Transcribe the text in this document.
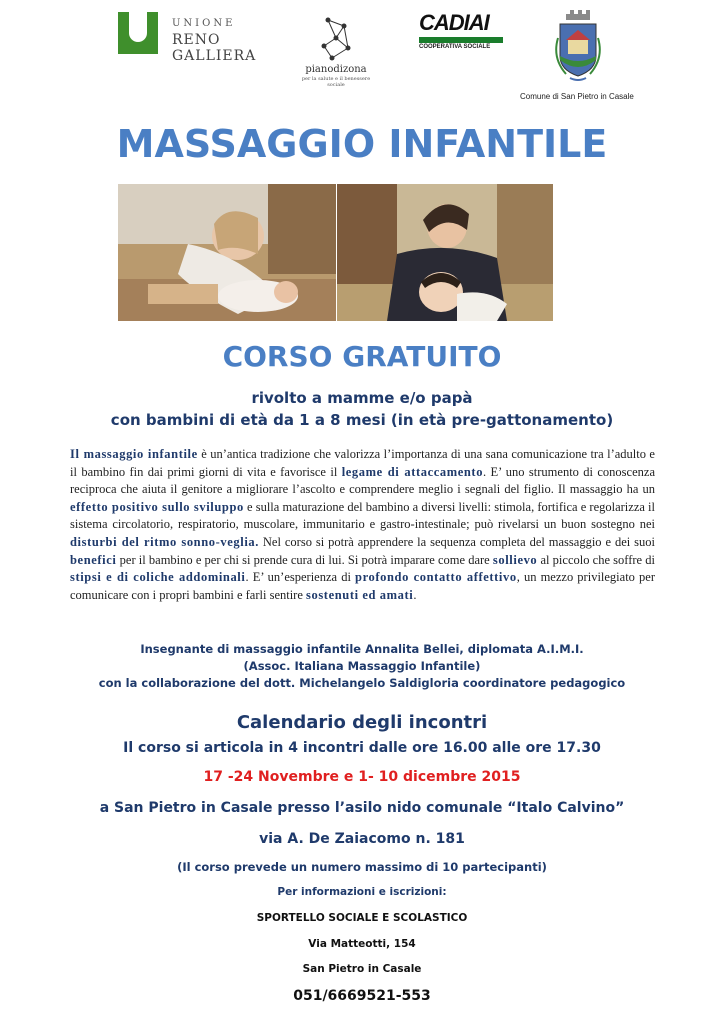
UNIONE
RENO GALLIERA
pianodizona
per la salute e il benessere sociale
CADIAI
COOPERATIVA SOCIALE
Comune di San Pietro in Casale
MASSAGGIO INFANTILE
CORSO GRATUITO
rivolto a mamme e/o papà
con bambini di età da 1 a 8 mesi (in età pre-gattonamento)
Il massaggio infantile è un’antica tradizione che valorizza l’importanza di una sana comunicazione tra l’adulto e il bambino fin dai primi giorni di vita e favorisce il legame di attaccamento. E’ uno strumento di conoscenza reciproca che aiuta il genitore a migliorare l’ascolto e comprendere meglio i segnali del figlio. Il massaggio ha un effetto positivo sullo sviluppo e sulla maturazione del bambino a diversi livelli: stimola, fortifica e regolarizza il sistema circolatorio, respiratorio, muscolare, immunitario e gastro-intestinale; può rivelarsi un buon sostegno nei disturbi del ritmo sonno-veglia. Nel corso si potrà apprendere la sequenza completa del massaggio e dei suoi benefici per il bambino e per chi si prende cura di lui. Si potrà imparare come dare sollievo al piccolo che soffre di stipsi e di coliche addominali. E’ un’esperienza di profondo contatto affettivo, un mezzo privilegiato per comunicare con i propri bambini e farli sentire sostenuti ed amati.
Insegnante di massaggio infantile Annalita Bellei, diplomata A.I.M.I.
(Assoc. Italiana Massaggio Infantile)
con la collaborazione del dott. Michelangelo Saldigloria coordinatore pedagogico
Calendario degli incontri
Il corso si articola in 4 incontri dalle ore 16.00 alle ore 17.30
17 -24 Novembre e 1- 10 dicembre 2015
a San Pietro in Casale presso l’asilo nido comunale “Italo Calvino”
via A. De Zaiacomo n. 181
(Il corso prevede un numero massimo di 10 partecipanti)
Per informazioni e iscrizioni:
SPORTELLO SOCIALE E SCOLASTICO
Via Matteotti, 154
San Pietro in Casale
051/6669521-553
